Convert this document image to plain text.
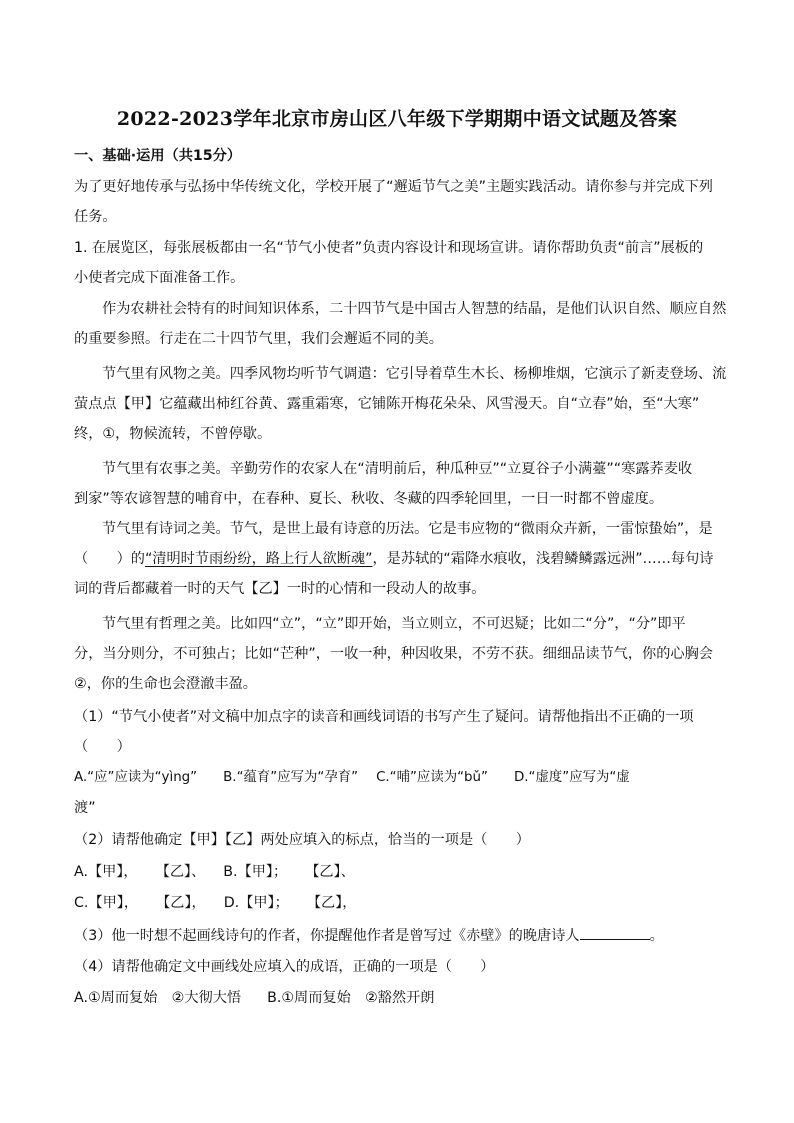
2022-2023学年北京市房山区八年级下学期期中语文试题及答案
一、基础·运用（共15分）
为了更好地传承与弘扬中华传统文化，学校开展了“邂逅节气之美”主题实践活动。请你参与并完成下列
任务。
1. 在展览区，每张展板都由一名“节气小使者”负责内容设计和现场宣讲。请你帮助负责“前言”展板的
小使者完成下面准备工作。
作为农耕社会特有的时间知识体系，二十四节气是中国古人智慧的结晶，是他们认识自然、顺应自然
的重要参照。行走在二十四节气里，我们会邂逅不同的美。
节气里有风物之美。四季风物均听节气调遣：它引导着草生木长、杨柳堆烟，它演示了新麦登场、流
萤点点【甲】它蕴藏出柿红谷黄、露重霜寒，它铺陈开梅花朵朵、风雪漫天。自“立春”始，至“大寒”
终，①，物候流转，不曾停歇。
节气里有农事之美。辛勤劳作的农家人在“清明前后，种瓜种豆”“立夏谷子小满薹”“寒露荞麦收
到家”等农谚智慧的哺育中，在春种、夏长、秋收、冬藏的四季轮回里，一日一时都不曾虚度。
节气里有诗词之美。节气，是世上最有诗意的历法。它是韦应物的“微雨众卉新，一雷惊蛰始”，是
（　　）的“清明时节雨纷纷，路上行人欲断魂”，是苏轼的“霜降水痕收，浅碧鳞鳞露远洲”……每句诗
词的背后都藏着一时的天气【乙】一时的心情和一段动人的故事。
节气里有哲理之美。比如四“立”，“立”即开始，当立则立，不可迟疑；比如二“分”，“分”即平
分，当分则分，不可独占；比如“芒种”，一收一种，种因收果，不劳不获。细细品读节气，你的心胸会
②，你的生命也会澄澈丰盈。
（1）“节气小使者”对文稿中加点字的读音和画线词语的书写产生了疑问。请帮他指出不正确的一项
（　　）
A.“应”应读为“yìng” B.“蕴育”应写为“孕育” C.“哺”应读为“bǔ” D.“虚度”应写为“虚
渡”
（2）请帮他确定【甲】【乙】两处应填入的标点，恰当的一项是（　　）
A.【甲】， 【乙】、 B.【甲】； 【乙】、
C.【甲】， 【乙】， D.【甲】； 【乙】，
（3）他一时想不起画线诗句的作者，你提醒他作者是曾写过《赤壁》的晚唐诗人	。
（4）请帮他确定文中画线处应填入的成语，正确的一项是（　　）
A.①周而复始　②大彻大悟 B.①周而复始　②豁然开朗
